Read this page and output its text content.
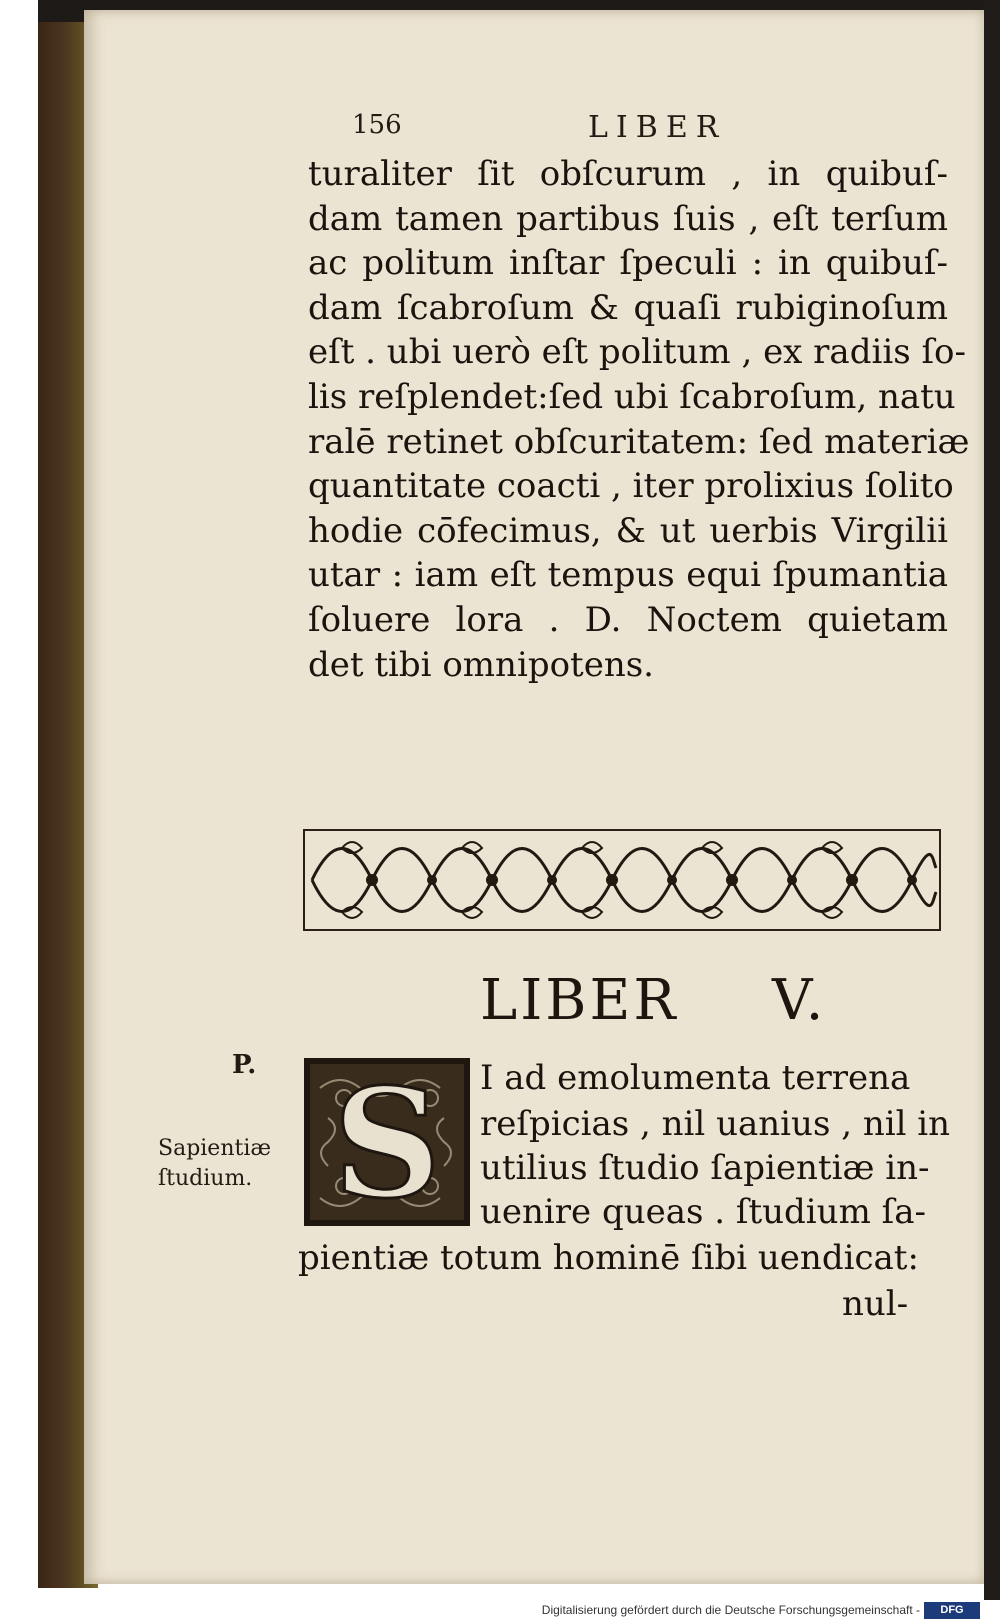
156	LIBER
turaliter ſit obſcurum , in quibuſ-
dam tamen partibus ſuis , eſt terſum
ac politum inſtar ſpeculi : in quibuſ-
dam ſcabroſum & quaſi rubiginoſum
eſt . ubi uerò eſt politum , ex radiis ſo-
lis reſplendet:ſed ubi ſcabroſum, natu
ralē retinet obſcuritatem: ſed materiæ
quantitate coacti , iter prolixius ſolito
hodie cōfecimus, & ut uerbis Virgilii
utar : iam eſt tempus equi ſpumantia
ſoluere lora . D. Noctem quietam
det tibi omnipotens.
LIBER V.
P.
Sapientiæ
ſtudium. S I ad emolumenta terrena
reſpicias , nil uanius , nil in
utilius ſtudio ſapientiæ in-
uenire queas . ſtudium ſa-
pientiæ totum hominē ſibi uendicat:
nul-
Digitalisierung gefördert durch die Deutsche Forschungsgemeinschaft -	DFG
